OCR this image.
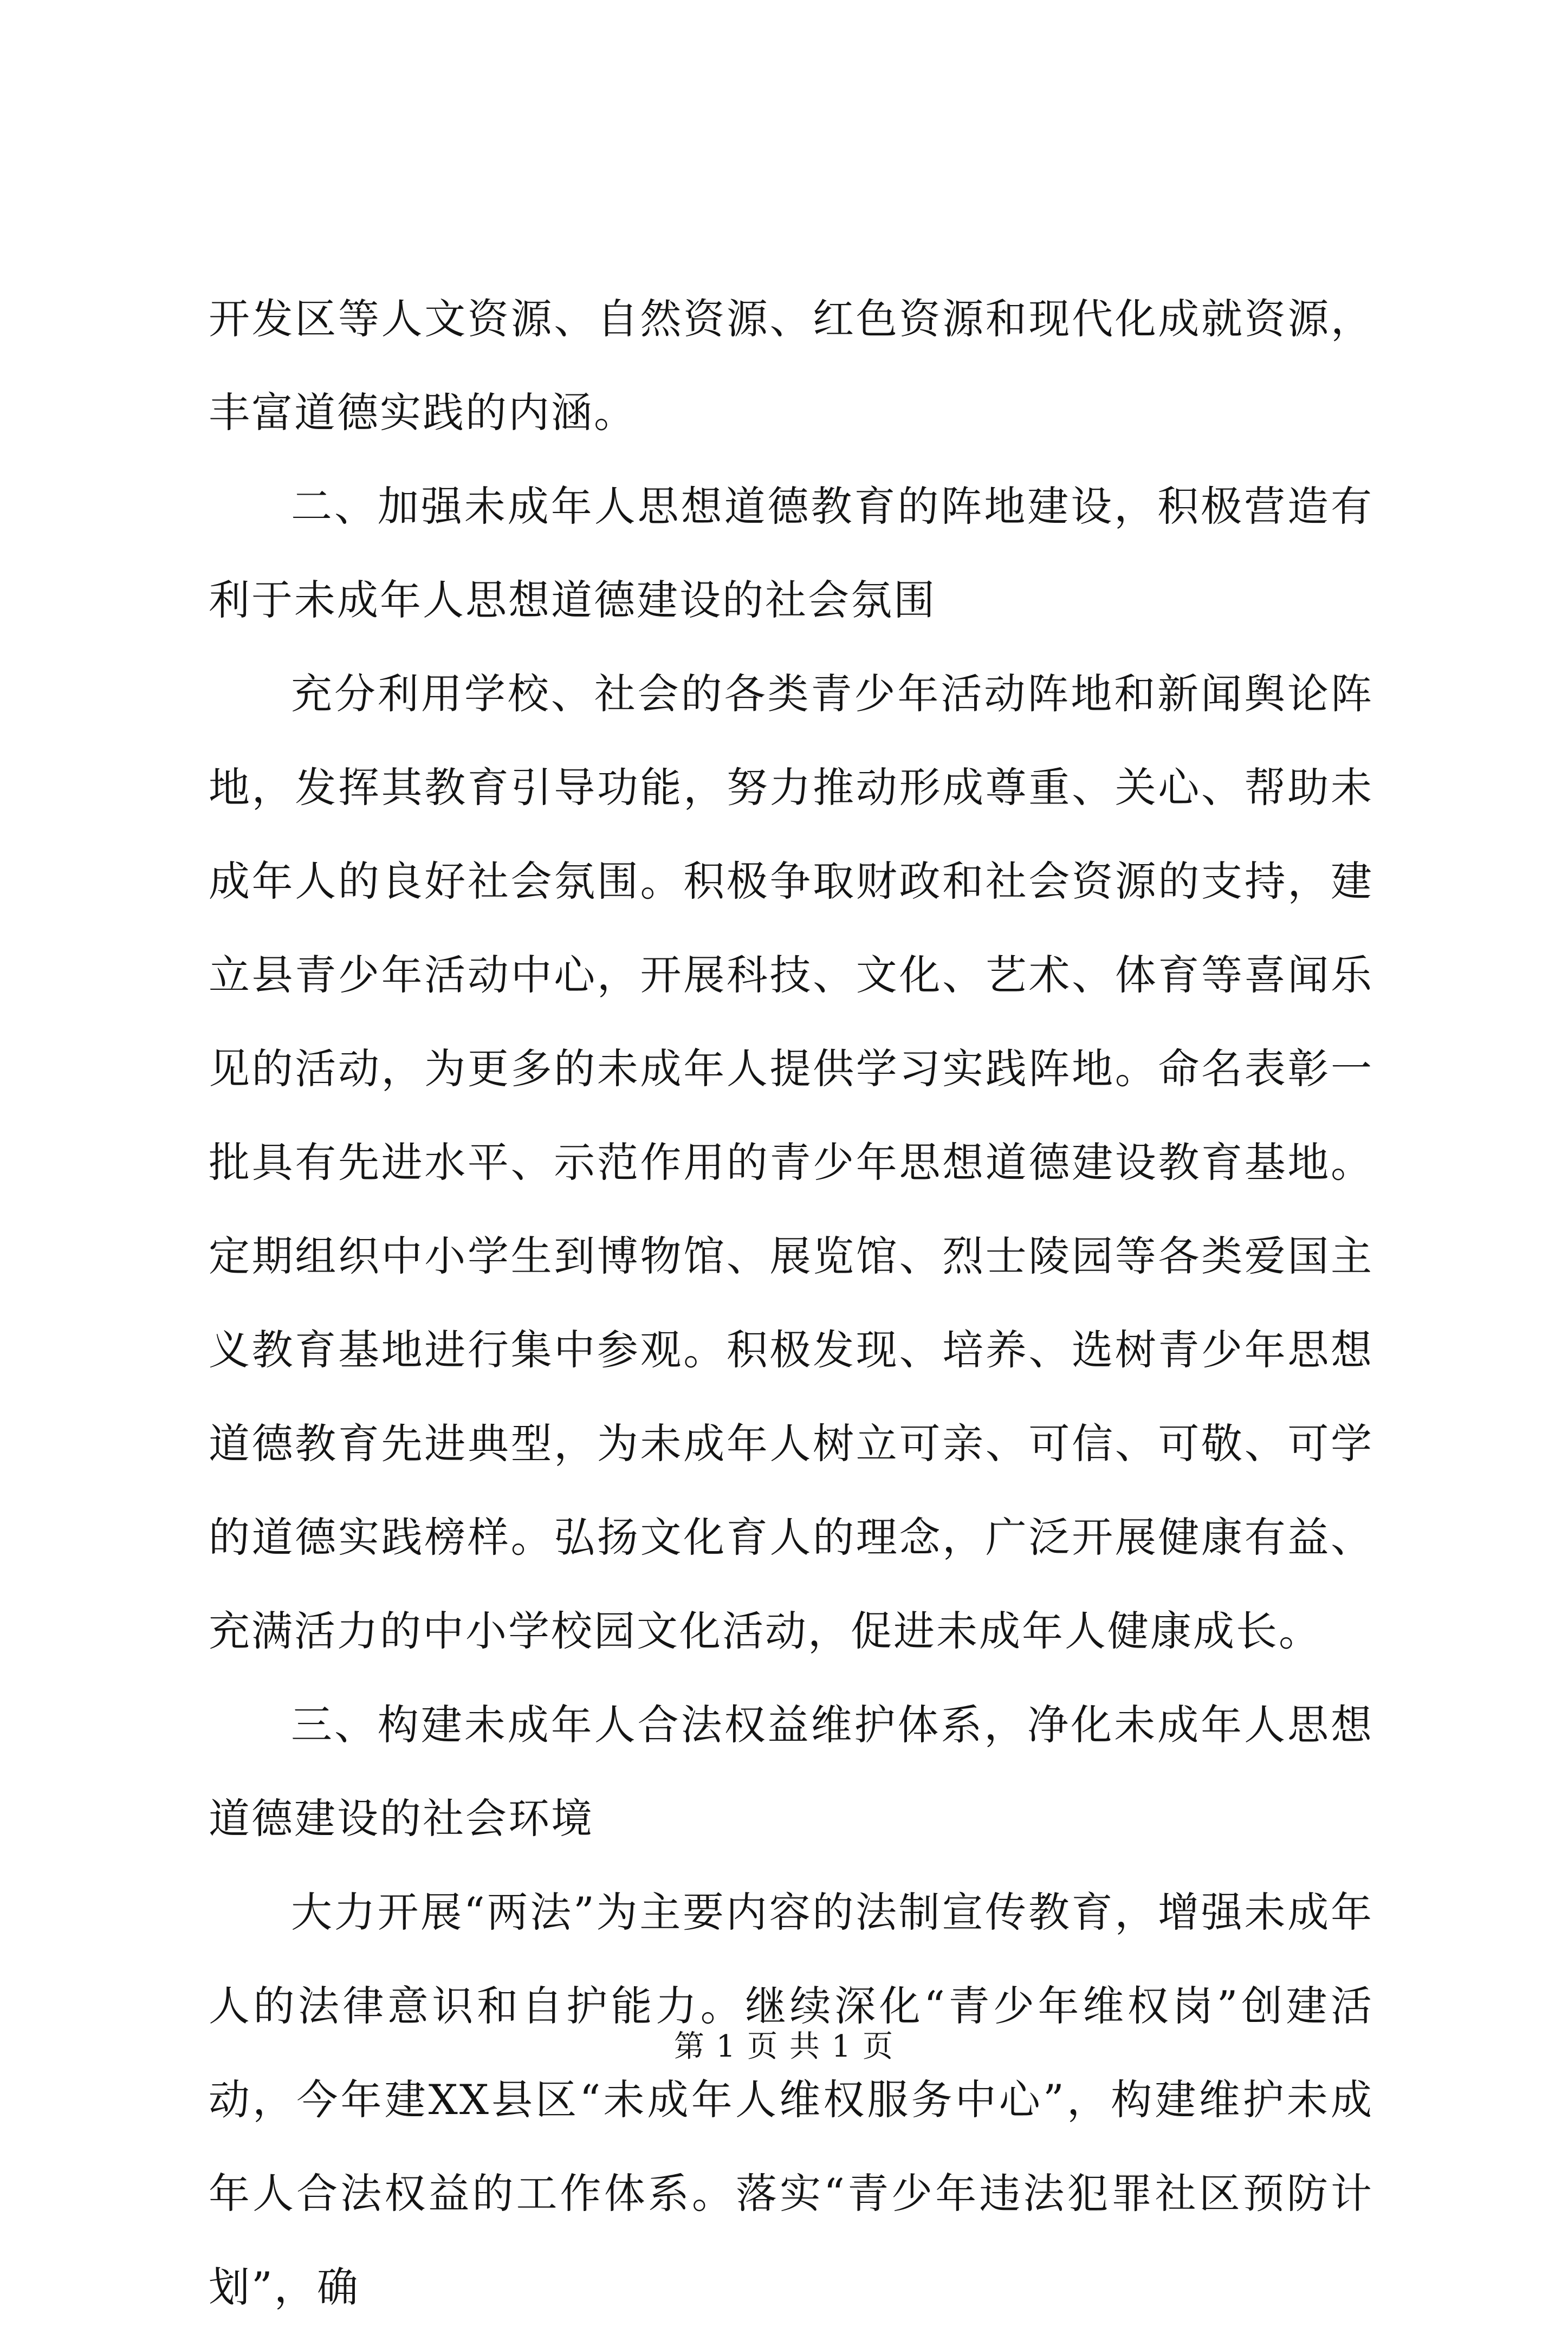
开发区等人文资源、自然资源、红色资源和现代化成就资源，丰富道德实践的内涵。

二、加强未成年人思想道德教育的阵地建设，积极营造有利于未成年人思想道德建设的社会氛围

充分利用学校、社会的各类青少年活动阵地和新闻舆论阵地，发挥其教育引导功能，努力推动形成尊重、关心、帮助未成年人的良好社会氛围。积极争取财政和社会资源的支持，建立县青少年活动中心，开展科技、文化、艺术、体育等喜闻乐见的活动，为更多的未成年人提供学习实践阵地。命名表彰一批具有先进水平、示范作用的青少年思想道德建设教育基地。定期组织中小学生到博物馆、展览馆、烈士陵园等各类爱国主义教育基地进行集中参观。积极发现、培养、选树青少年思想道德教育先进典型，为未成年人树立可亲、可信、可敬、可学的道德实践榜样。弘扬文化育人的理念，广泛开展健康有益、充满活力的中小学校园文化活动，促进未成年人健康成长。

三、构建未成年人合法权益维护体系，净化未成年人思想道德建设的社会环境

大力开展“两法”为主要内容的法制宣传教育，增强未成年人的法律意识和自护能力。继续深化“青少年维权岗”创建活动，今年建XX县区“未成年人维权服务中心”，构建维护未成年人合法权益的工作体系。落实“青少年违法犯罪社区预防计划”，确

第 1 页 共 1 页
